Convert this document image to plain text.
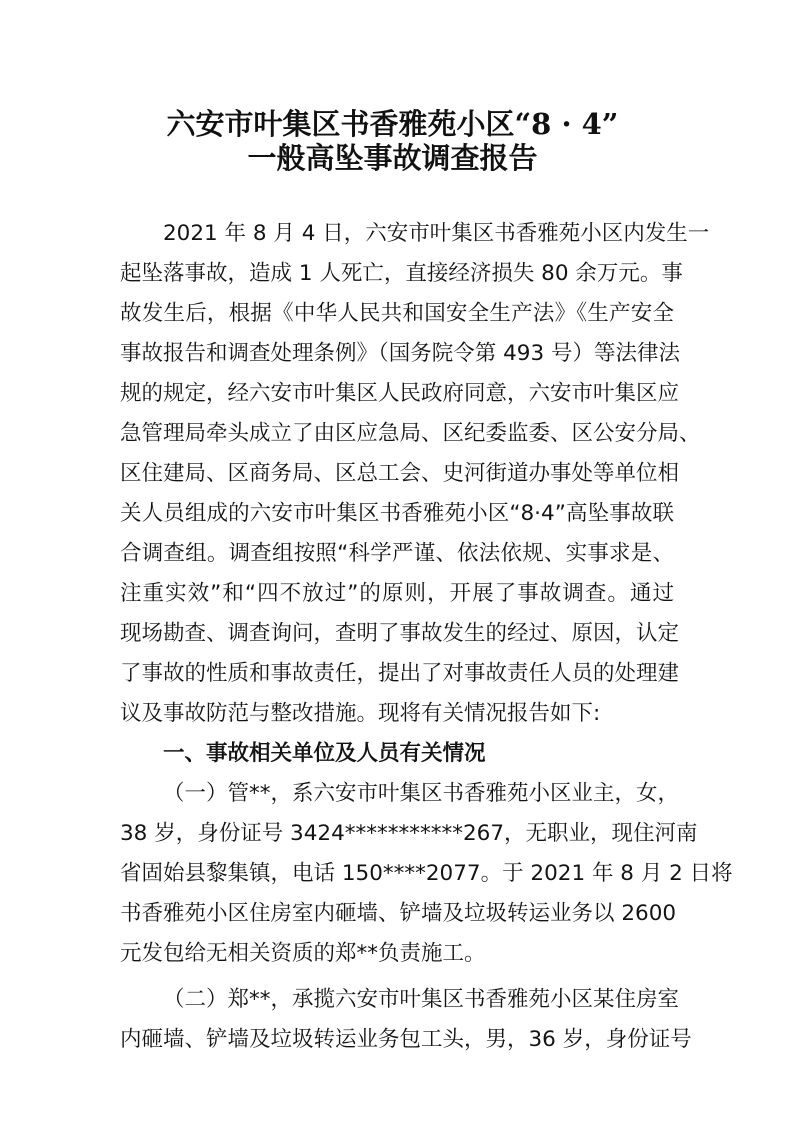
六安市叶集区书香雅苑小区“8 · 4”
一般高坠事故调查报告
2021 年 8 月 4 日，六安市叶集区书香雅苑小区内发生一
起坠落事故，造成 1 人死亡，直接经济损失 80 余万元。事
故发生后，根据《中华人民共和国安全生产法》《生产安全
事故报告和调查处理条例》（国务院令第 493 号）等法律法
规的规定，经六安市叶集区人民政府同意，六安市叶集区应
急管理局牵头成立了由区应急局、区纪委监委、区公安分局、
区住建局、区商务局、区总工会、史河街道办事处等单位相
关人员组成的六安市叶集区书香雅苑小区“8·4”高坠事故联
合调查组。调查组按照“科学严谨、依法依规、实事求是、
注重实效”和“四不放过”的原则，开展了事故调查。通过
现场勘查、调查询问，查明了事故发生的经过、原因，认定
了事故的性质和事故责任，提出了对事故责任人员的处理建
议及事故防范与整改措施。现将有关情况报告如下:
一、事故相关单位及人员有关情况
（一）管**，系六安市叶集区书香雅苑小区业主，女，
38 岁，身份证号 3424***********267，无职业，现住河南
省固始县黎集镇，电话 150****2077。于 2021 年 8 月 2 日将
书香雅苑小区住房室内砸墙、铲墙及垃圾转运业务以 2600
元发包给无相关资质的郑**负责施工。
（二）郑**，承揽六安市叶集区书香雅苑小区某住房室
内砸墙、铲墙及垃圾转运业务包工头，男，36 岁，身份证号
